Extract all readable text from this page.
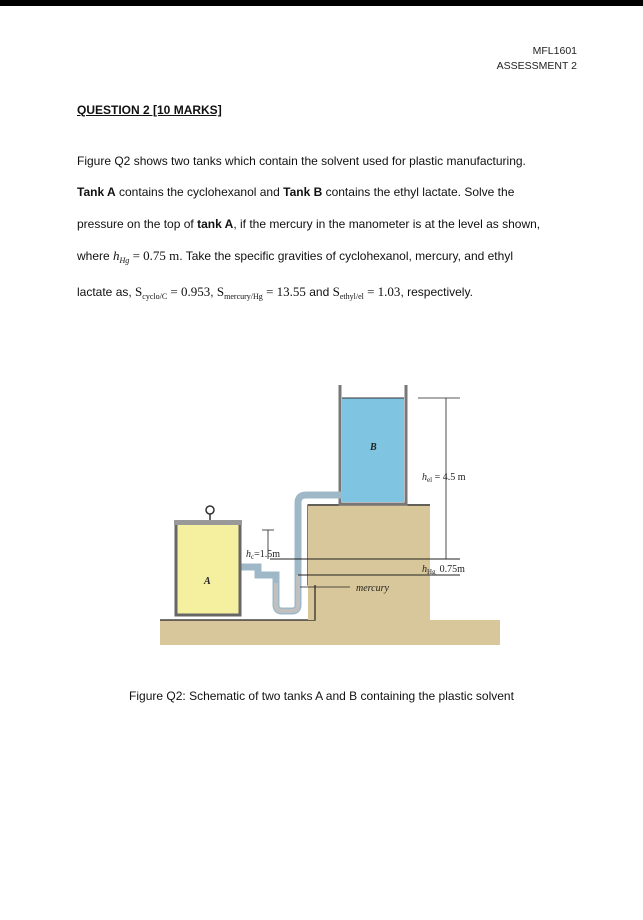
MFL1601
ASSESSMENT 2
QUESTION 2 [10 MARKS]
Figure Q2 shows two tanks which contain the solvent used for plastic manufacturing.
Tank A contains the cyclohexanol and Tank B contains the ethyl lactate. Solve the
pressure on the top of tank A, if the mercury in the manometer is at the level as shown,
where $h_{Hg} = 0.75$ m. Take the specific gravities of cyclohexanol, mercury, and ethyl
lactate as, $S_{cyclo/C} = 0.953$, $S_{mercury/Hg} = 13.55$ and $S_{ethyl/el} = 1.03$, respectively.
B
A
$h_{el} = 4.5$ m
$h_c=1.5m$
$h_{Hg}$ 0.75m
mercury
Figure Q2: Schematic of two tanks A and B containing the plastic solvent
